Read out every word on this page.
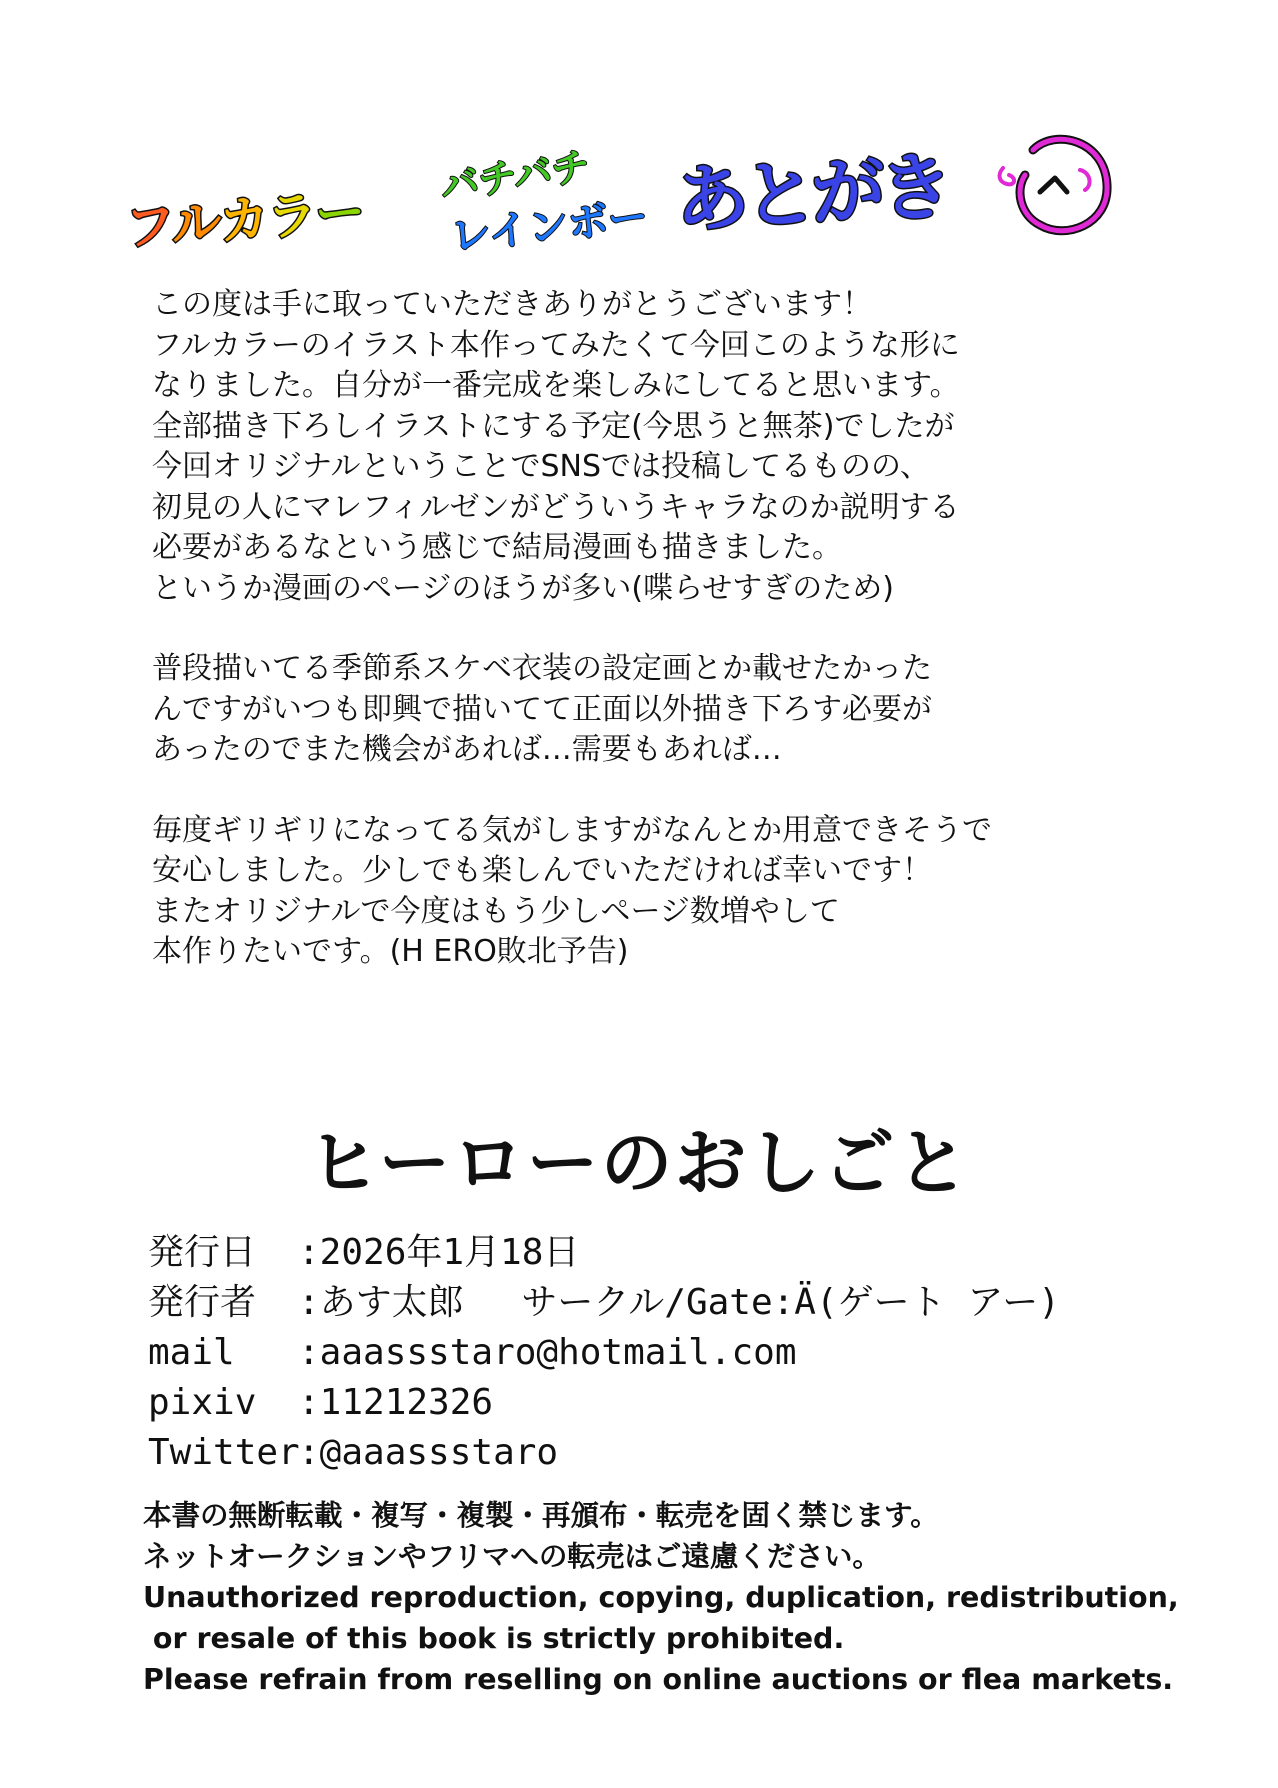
フルカラー
バチバチ
レインボー あとがき

この度は手に取っていただきありがとうございます！

フルカラーのイラスト本作ってみたくて今回このような形に

なりました。自分が一番完成を楽しみにしてると思います。

全部描き下ろしイラストにする予定(今思うと無茶)でしたが

今回オリジナルということでSNSでは投稿してるものの、

初見の人にマレフィルゼンがどういうキャラなのか説明する

必要があるなという感じで結局漫画も描きました。

というか漫画のページのほうが多い(喋らせすぎのため)

普段描いてる季節系スケベ衣装の設定画とか載せたかった

んですがいつも即興で描いてて正面以外描き下ろす必要が

あったのでまた機会があれば…需要もあれば…

毎度ギリギリになってる気がしますがなんとか用意できそうで

安心しました。少しでも楽しんでいただければ幸いです！

またオリジナルで今度はもう少しページ数増やして

本作りたいです。(H ERO敗北予告)

ヒーローのおしごと
発行日 :2026年1月18日
発行者 :あす太郎　 サークル/Gate:Ä(ゲート アー)
mail :aaassstaro@hotmail.com
pixiv :11212326
Twitter:@aaassstaro
本書の無断転載・複写・複製・再頒布・転売を固く禁じます。
ネットオークションやフリマへの転売はご遠慮ください。
Unauthorized reproduction, copying, duplication, redistribution,
or resale of this book is strictly prohibited.
Please refrain from reselling on online auctions or flea markets.
